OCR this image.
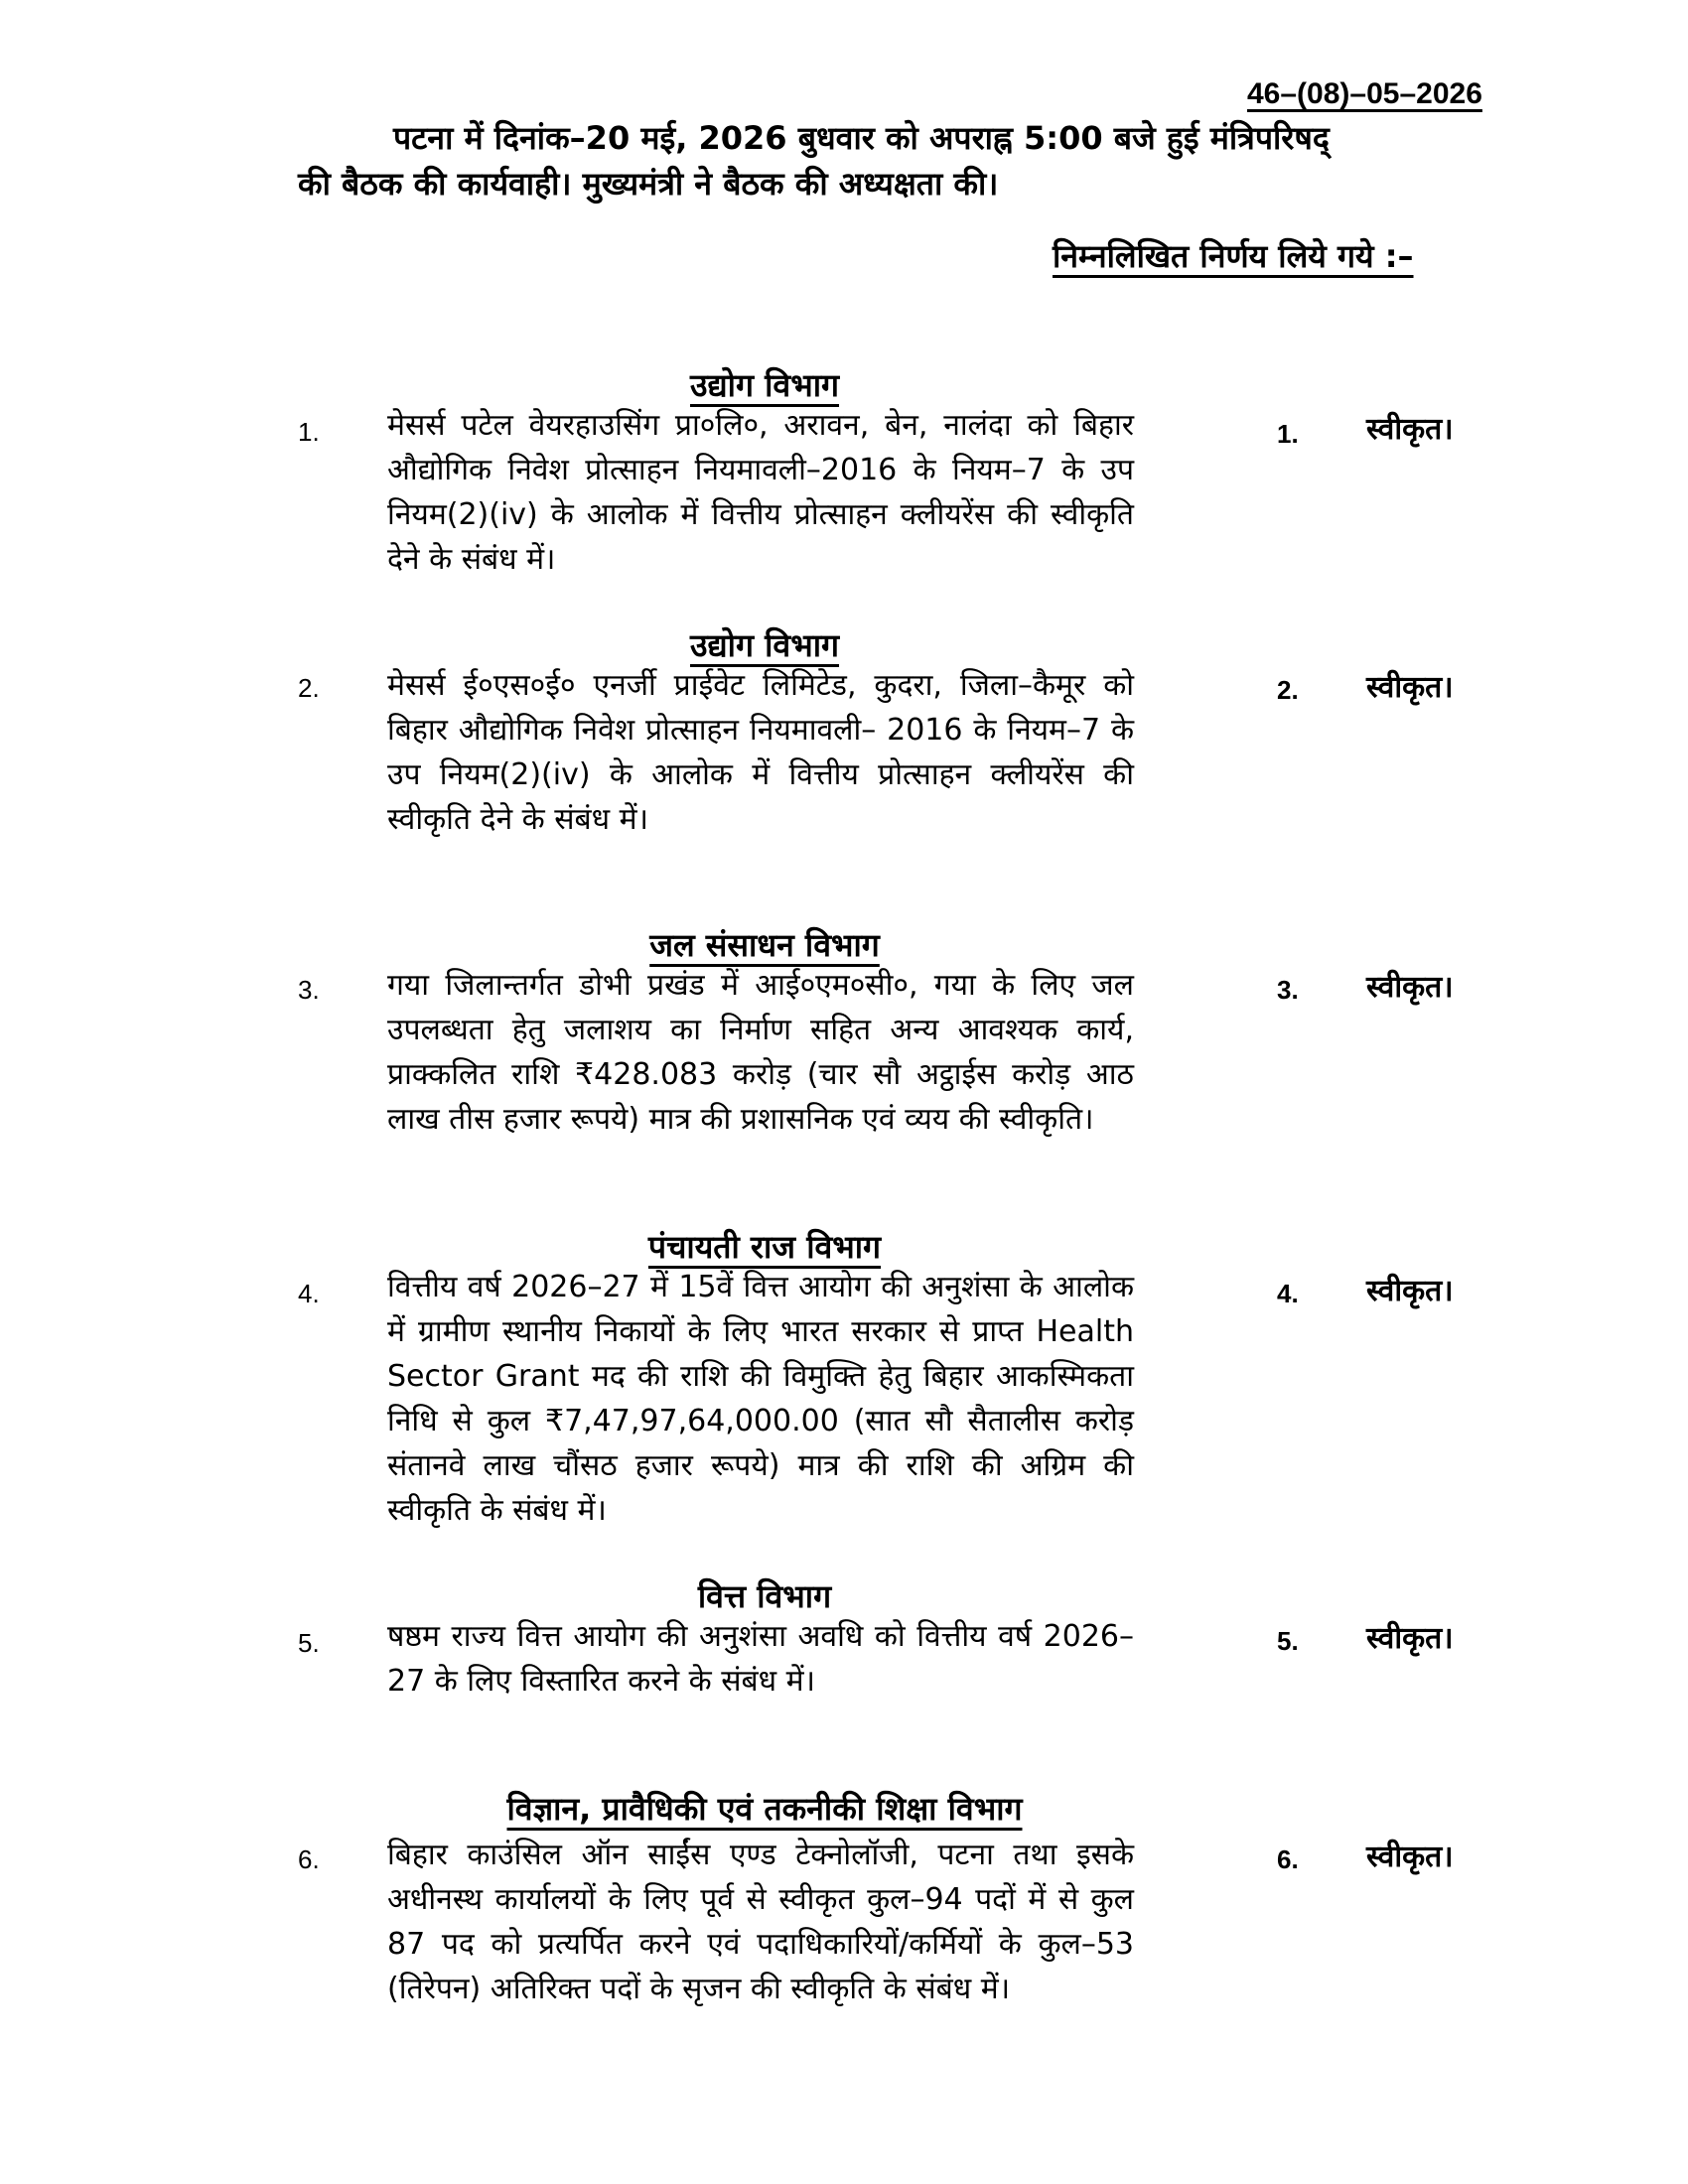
46–(08)–05–2026
पटना में दिनांक–20 मई, 2026 बुधवार को अपराह्न 5:00 बजे हुई मंत्रिपरिषद्
की बैठक की कार्यवाही। मुख्यमंत्री ने बैठक की अध्यक्षता की।
निम्नलिखित निर्णय लिये गये :–
उद्योग विभाग
1. मेसर्स पटेल वेयरहाउसिंग प्रा०लि०, अरावन, बेन, नालंदा को बिहार औद्योगिक निवेश प्रोत्साहन नियमावली–2016 के नियम–7 के उप नियम(2)(iv) के आलोक में वित्तीय प्रोत्साहन क्लीयरेंस की स्वीकृति देने के संबंध में।
1. स्वीकृत।
उद्योग विभाग
2. मेसर्स ई०एस०ई० एनर्जी प्राईवेट लिमिटेड, कुदरा, जिला–कैमूर को बिहार औद्योगिक निवेश प्रोत्साहन नियमावली– 2016 के नियम–7 के उप नियम(2)(iv) के आलोक में वित्तीय प्रोत्साहन क्लीयरेंस की स्वीकृति देने के संबंध में।
2. स्वीकृत।
जल संसाधन विभाग
3. गया जिलान्तर्गत डोभी प्रखंड में आई०एम०सी०, गया के लिए जल उपलब्धता हेतु जलाशय का निर्माण सहित अन्य आवश्यक कार्य, प्राक्कलित राशि ₹428.083 करोड़ (चार सौ अट्ठाईस करोड़ आठ लाख तीस हजार रूपये) मात्र की प्रशासनिक एवं व्यय की स्वीकृति।
3. स्वीकृत।
पंचायती राज विभाग
4. वित्तीय वर्ष 2026–27 में 15वें वित्त आयोग की अनुशंसा के आलोक में ग्रामीण स्थानीय निकायों के लिए भारत सरकार से प्राप्त Health Sector Grant मद की राशि की विमुक्ति हेतु बिहार आकस्मिकता निधि से कुल ₹7,47,97,64,000.00 (सात सौ सैतालीस करोड़ संतानवे लाख चौंसठ हजार रूपये) मात्र की राशि की अग्रिम की स्वीकृति के संबंध में।
4. स्वीकृत।
वित्त विभाग
5. षष्ठम राज्य वित्त आयोग की अनुशंसा अवधि को वित्तीय वर्ष 2026–27 के लिए विस्तारित करने के संबंध में।
5. स्वीकृत।
विज्ञान, प्रावैधिकी एवं तकनीकी शिक्षा विभाग
6. बिहार काउंसिल ऑन साईंस एण्ड टेक्नोलॉजी, पटना तथा इसके अधीनस्थ कार्यालयों के लिए पूर्व से स्वीकृत कुल–94 पदों में से कुल 87 पद को प्रत्यर्पित करने एवं पदाधिकारियों/कर्मियों के कुल–53 (तिरेपन) अतिरिक्त पदों के सृजन की स्वीकृति के संबंध में।
6. स्वीकृत।
